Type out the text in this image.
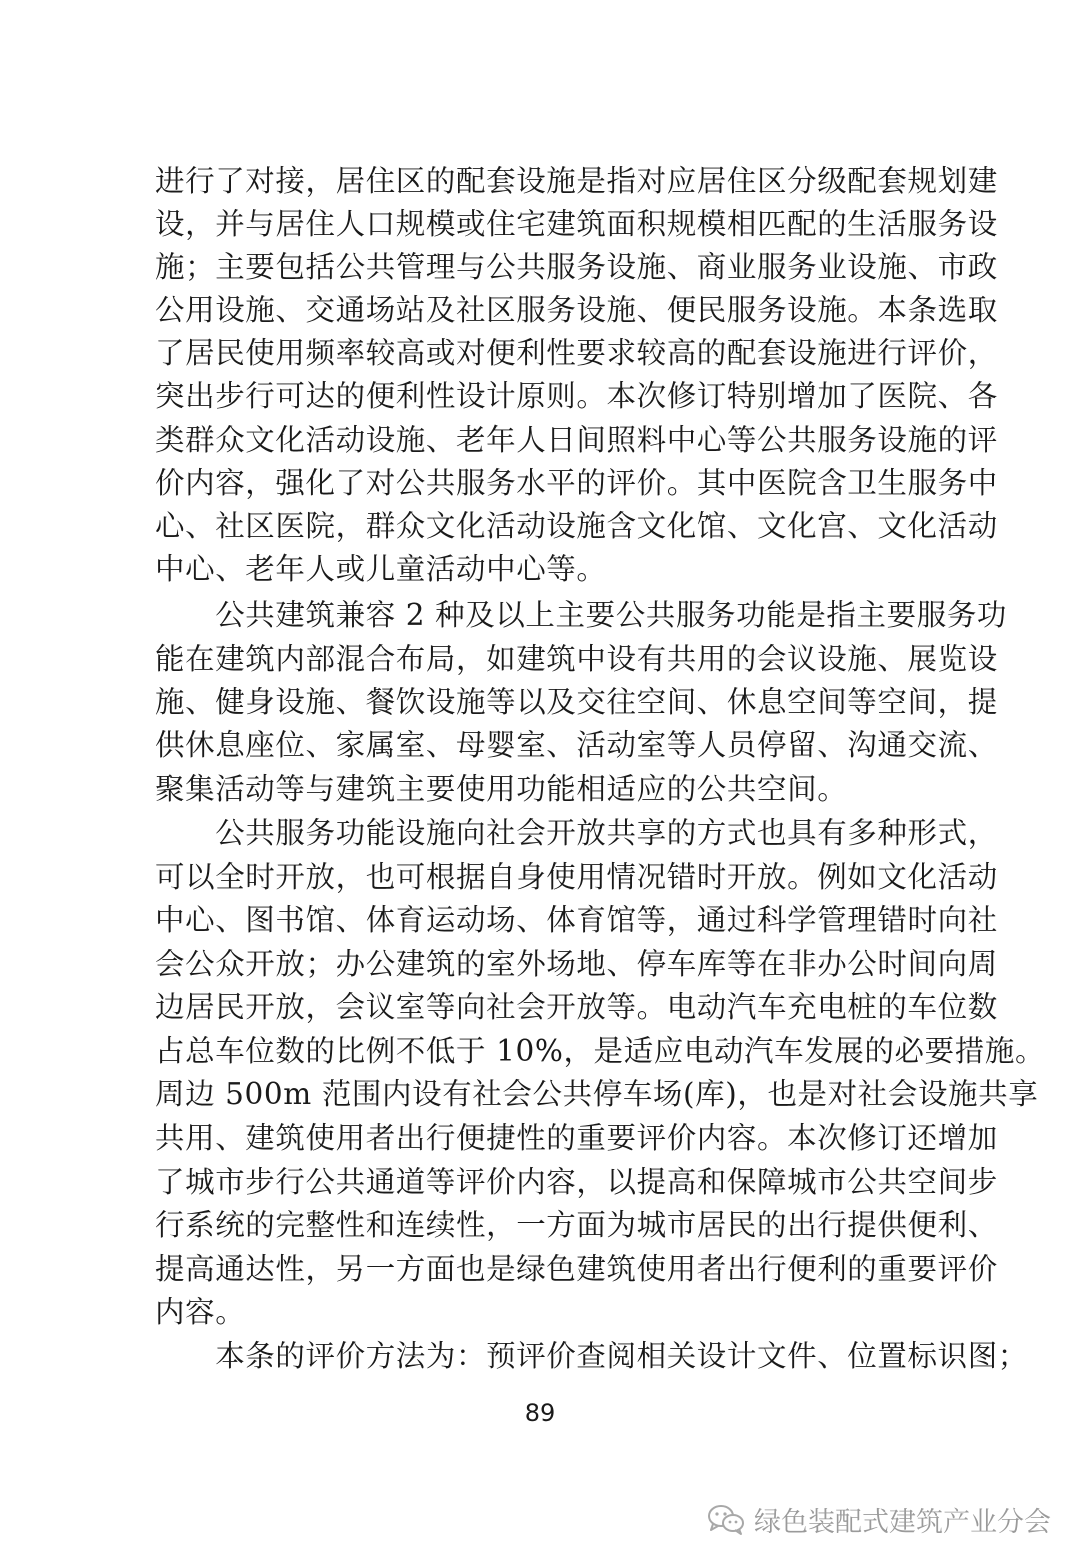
进行了对接，居住区的配套设施是指对应居住区分级配套规划建
设，并与居住人口规模或住宅建筑面积规模相匹配的生活服务设
施；主要包括公共管理与公共服务设施、商业服务业设施、市政
公用设施、交通场站及社区服务设施、便民服务设施。本条选取
了居民使用频率较高或对便利性要求较高的配套设施进行评价，
突出步行可达的便利性设计原则。本次修订特别增加了医院、各
类群众文化活动设施、老年人日间照料中心等公共服务设施的评
价内容，强化了对公共服务水平的评价。其中医院含卫生服务中
心、社区医院，群众文化活动设施含文化馆、文化宫、文化活动
中心、老年人或儿童活动中心等。
　　公共建筑兼容 2 种及以上主要公共服务功能是指主要服务功
能在建筑内部混合布局，如建筑中设有共用的会议设施、展览设
施、健身设施、餐饮设施等以及交往空间、休息空间等空间，提
供休息座位、家属室、母婴室、活动室等人员停留、沟通交流、
聚集活动等与建筑主要使用功能相适应的公共空间。
　　公共服务功能设施向社会开放共享的方式也具有多种形式，
可以全时开放，也可根据自身使用情况错时开放。例如文化活动
中心、图书馆、体育运动场、体育馆等，通过科学管理错时向社
会公众开放；办公建筑的室外场地、停车库等在非办公时间向周
边居民开放，会议室等向社会开放等。电动汽车充电桩的车位数
占总车位数的比例不低于 10%，是适应电动汽车发展的必要措施。
周边 500m 范围内设有社会公共停车场(库)，也是对社会设施共享
共用、建筑使用者出行便捷性的重要评价内容。本次修订还增加
了城市步行公共通道等评价内容，以提高和保障城市公共空间步
行系统的完整性和连续性，一方面为城市居民的出行提供便利、
提高通达性，另一方面也是绿色建筑使用者出行便利的重要评价
内容。
　　本条的评价方法为：预评价查阅相关设计文件、位置标识图；
89
绿色装配式建筑产业分会
